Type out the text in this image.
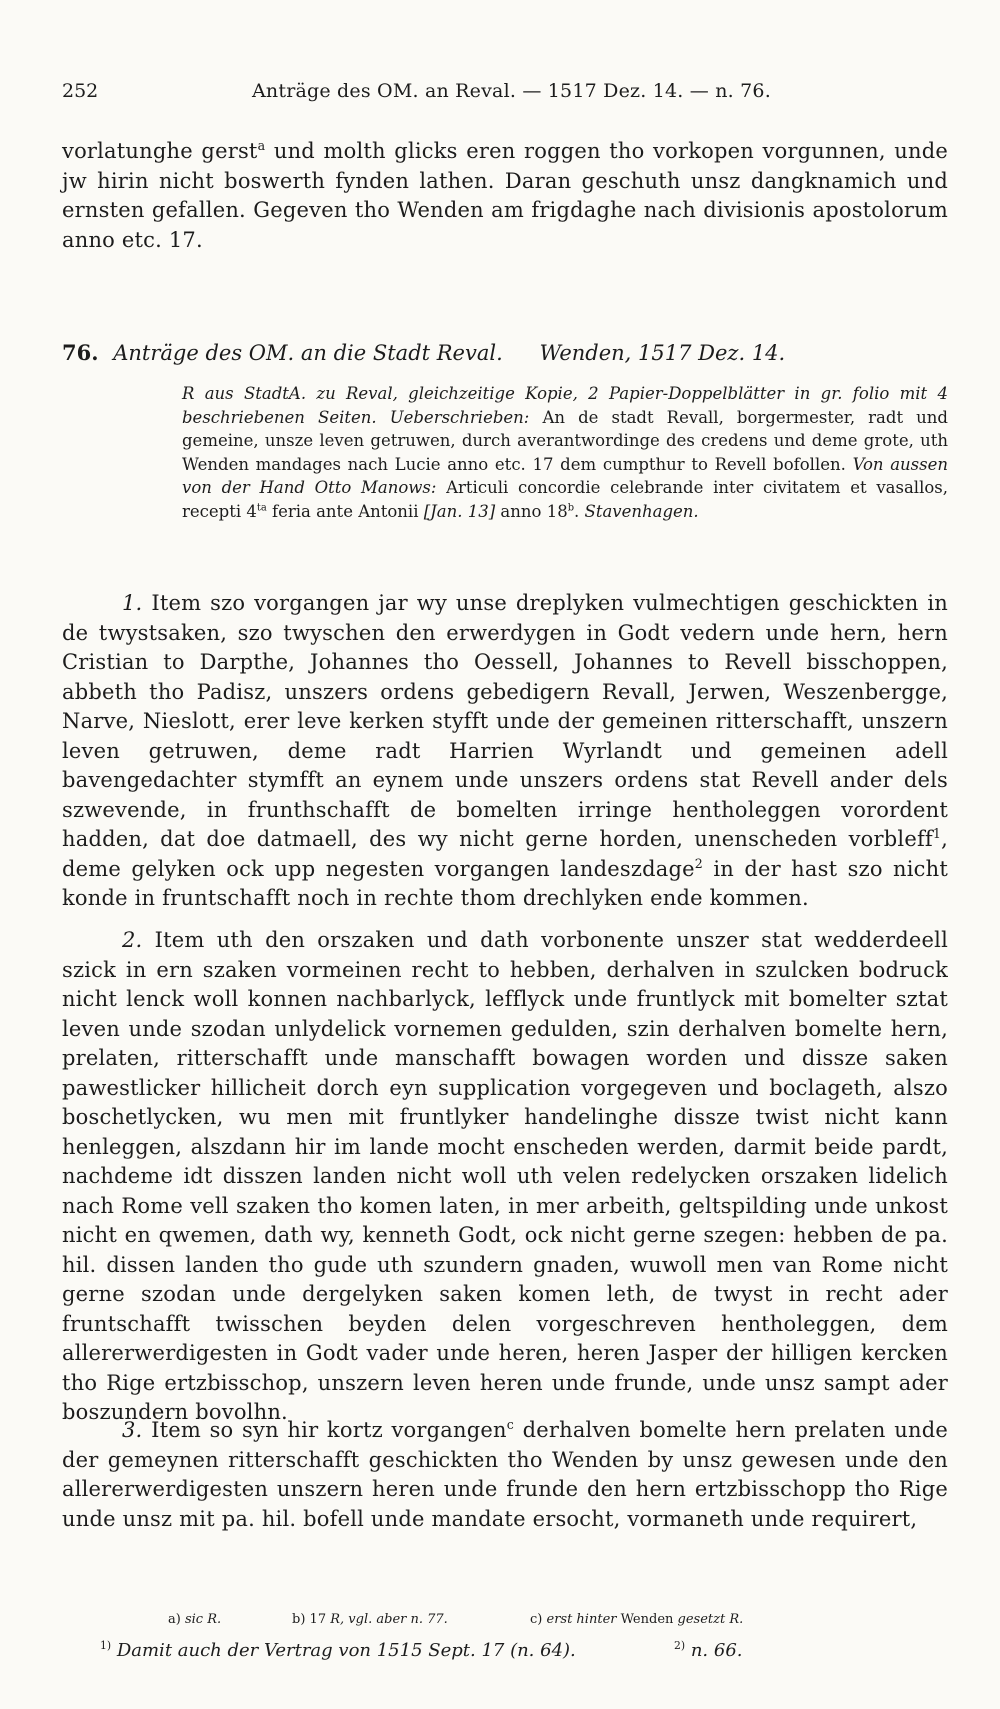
252	Anträge des OM. an Reval. — 1517 Dez. 14. — n. 76.
vorlatunghe gerst$^a$ und molth glicks eren roggen tho vorkopen vorgunnen, unde jw hirin nicht boswerth fynden lathen. Daran geschuth unsz dangknamich und ernsten gefallen. Gegeven tho Wenden am frigdaghe nach divisionis apostolorum anno etc. 17.
76. Anträge des OM. an die Stadt Reval. Wenden, 1517 Dez. 14.
R aus StadtA. zu Reval, gleichzeitige Kopie, 2 Papier-Doppelblätter in gr. folio mit 4 beschriebenen Seiten. Ueberschrieben: An de stadt Revall, borgermester, radt und gemeine, unsze leven getruwen, durch averantwordinge des credens und deme grote, uth Wenden mandages nach Lucie anno etc. 17 dem cumpthur to Revell bofollen. Von aussen von der Hand Otto Manows: Articuli concordie celebrande inter civitatem et vasallos, recepti $4^{ta}$ feria ante Antonii [Jan. 13] anno 18$^b$. Stavenhagen.

1. Item szo vorgangen jar wy unse dreplyken vulmechtigen geschickten in de twystsaken, szo twyschen den erwerdygen in Godt vedern unde hern, hern Cristian to Darpthe, Johannes tho Oessell, Johannes to Revell bisschoppen, abbeth tho Padisz, unszers ordens gebedigern Revall, Jerwen, Weszenbergge, Narve, Nieslott, erer leve kerken styfft unde der gemeinen ritterschafft, unszern leven getruwen, deme radt Harrien Wyrlandt und gemeinen adell bavengedachter stymfft an eynem unde unszers ordens stat Revell ander dels szwevende, in frunthschafft de bomelten irringe hentholeggen vorordent hadden, dat doe datmaell, des wy nicht gerne horden, unenscheden vorbleff$^1$, deme gelyken ock upp negesten vorgangen landeszdage$^2$ in der hast szo nicht konde in fruntschafft noch in rechte thom drechlyken ende kommen.

2. Item uth den orszaken und dath vorbonente unszer stat wedderdeell szick in ern szaken vormeinen recht to hebben, derhalven in szulcken bodruck nicht lenck woll konnen nachbarlyck, lefflyck unde fruntlyck mit bomelter sztat leven unde szodan unlydelick vornemen gedulden, szin derhalven bomelte hern, prelaten, ritterschafft unde manschafft bowagen worden und dissze saken pawestlicker hillicheit dorch eyn supplication vorgegeven und boclageth, alszo boschetlycken, wu men mit fruntlyker handelinghe dissze twist nicht kann henleggen, alszdann hir im lande mocht enscheden werden, darmit beide pardt, nachdeme idt disszen landen nicht woll uth velen redelycken orszaken lidelich nach Rome vell szaken tho komen laten, in mer arbeith, geltspilding unde unkost nicht en qwemen, dath wy, kenneth Godt, ock nicht gerne szegen: hebben de pa. hil. dissen landen tho gude uth szundern gnaden, wuwoll men van Rome nicht gerne szodan unde dergelyken saken komen leth, de twyst in recht ader fruntschafft twisschen beyden delen vorgeschreven hentholeggen, dem allererwerdigesten in Godt vader unde heren, heren Jasper der hilligen kercken tho Rige ertzbisschop, unszern leven heren unde frunde, unde unsz sampt ader boszundern bovolhn.

3. Item so syn hir kortz vorgangen$^c$ derhalven bomelte hern prelaten unde der gemeynen ritterschafft geschickten tho Wenden by unsz gewesen unde den allererwerdigesten unszern heren unde frunde den hern ertzbisschopp tho Rige unde unsz mit pa. hil. bofell unde mandate ersocht, vormaneth unde requirert,

a) sic R.	b) 17 R, vgl. aber n. 77.	c) erst hinter Wenden gesetzt R.
$^{1)}$ Damit auch der Vertrag von 1515 Sept. 17 (n. 64).	$^{2)}$ n. 66.
